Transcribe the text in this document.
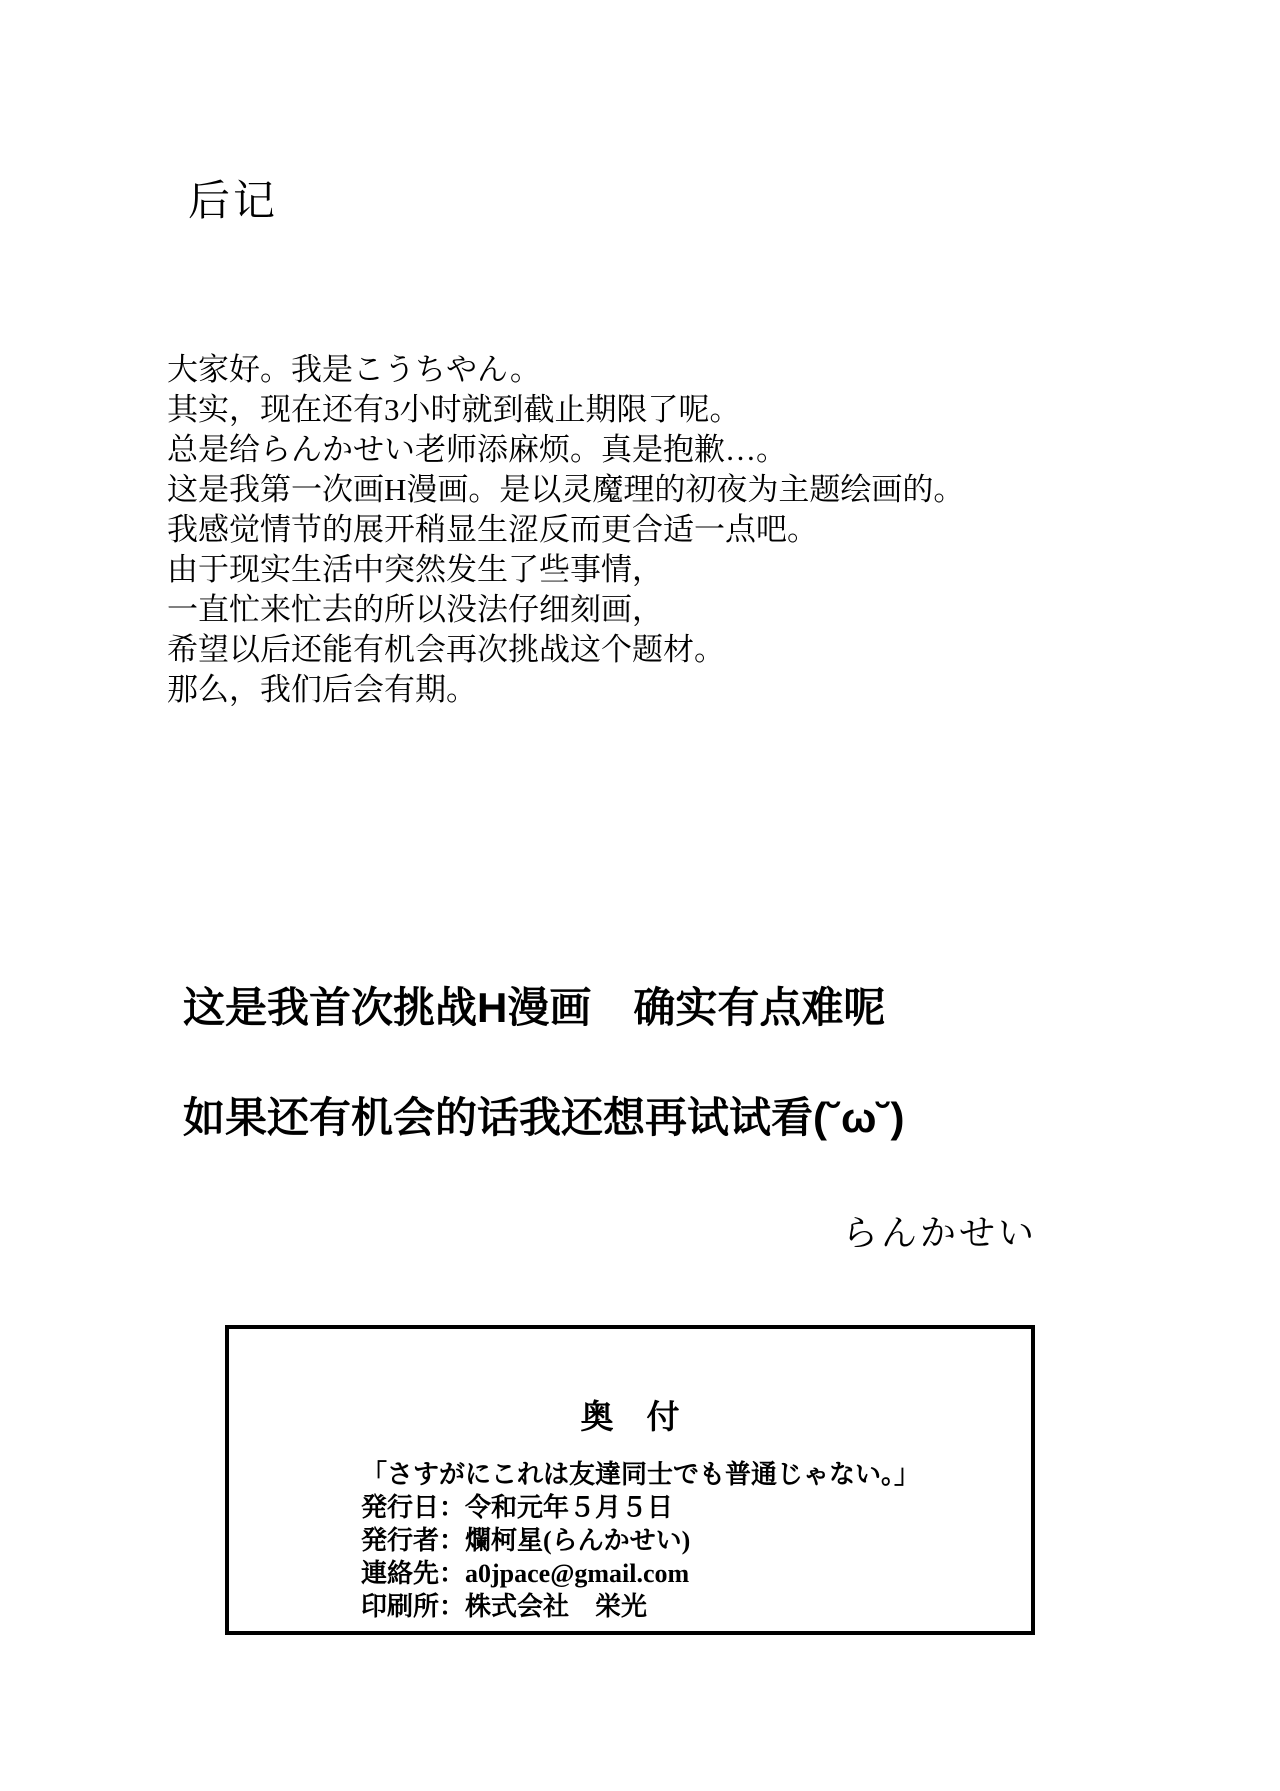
后记

大家好。我是こうちやん。

其实，现在还有3小时就到截止期限了呢。

总是给らんかせい老师添麻烦。真是抱歉…。

这是我第一次画H漫画。是以灵魔理的初夜为主题绘画的。

我感觉情节的展开稍显生涩反而更合适一点吧。

由于现实生活中突然发生了些事情，

一直忙来忙去的所以没法仔细刻画，

希望以后还能有机会再次挑战这个题材。

那么，我们后会有期。

这是我首次挑战H漫画　确实有点难呢

如果还有机会的话我还想再试试看(˘ω˘)

らんかせい

奥　付

「さすがにこれは友達同士でも普通じゃない。」

発行日：令和元年５月５日

発行者：爛柯星(らんかせい)

連絡先：a0jpace@gmail.com

印刷所：株式会社　栄光
